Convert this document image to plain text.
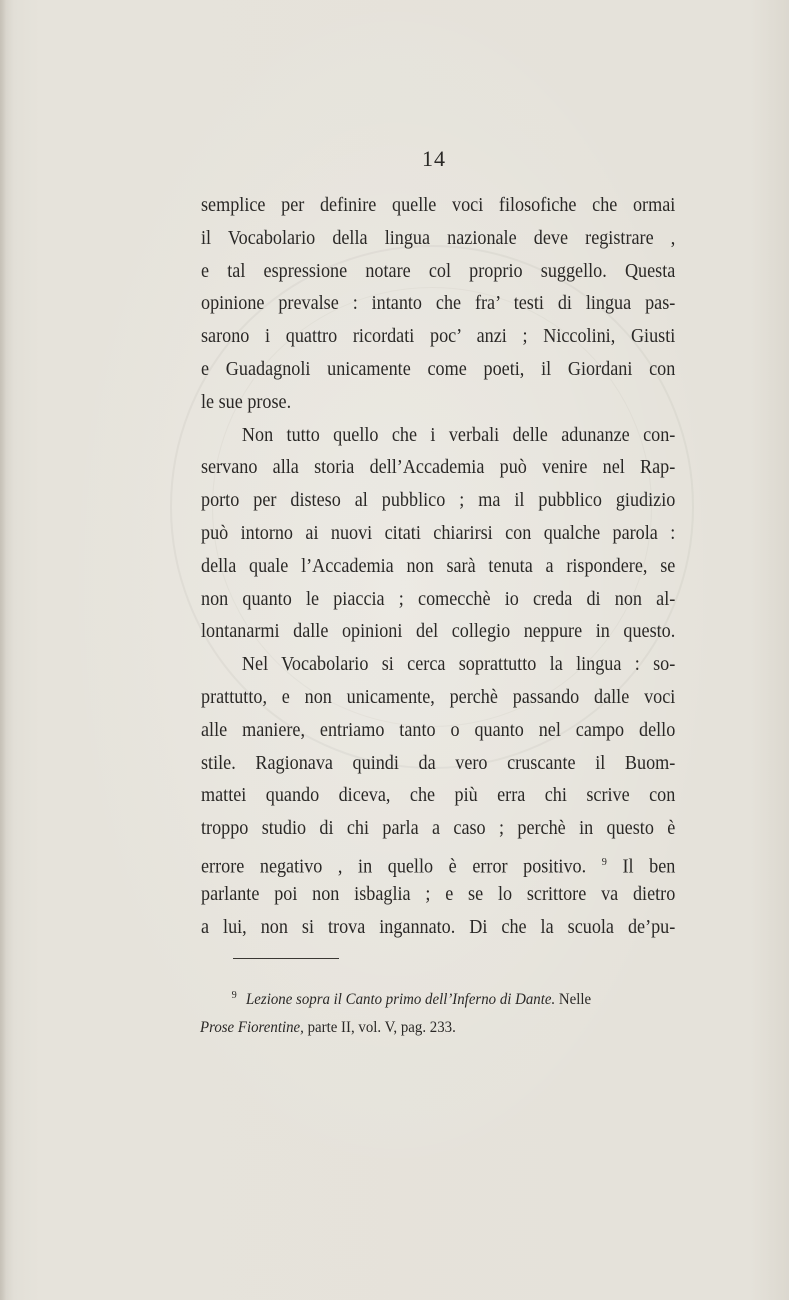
14
semplice per definire quelle voci filosofiche che ormai
il Vocabolario della lingua nazionale deve registrare ,
e tal espressione notare col proprio suggello. Questa
opinione prevalse : intanto che fra’ testi di lingua pas-
sarono i quattro ricordati poc’ anzi ; Niccolini, Giusti
e Guadagnoli unicamente come poeti, il Giordani con
le sue prose.
Non tutto quello che i verbali delle adunanze con-
servano alla storia dell’Accademia può venire nel Rap-
porto per disteso al pubblico ; ma il pubblico giudizio
può intorno ai nuovi citati chiarirsi con qualche parola :
della quale l’Accademia non sarà tenuta a rispondere, se
non quanto le piaccia ; comecchè io creda di non al-
lontanarmi dalle opinioni del collegio neppure in questo.
Nel Vocabolario si cerca soprattutto la lingua : so-
prattutto, e non unicamente, perchè passando dalle voci
alle maniere, entriamo tanto o quanto nel campo dello
stile. Ragionava quindi da vero cruscante il Buom-
mattei quando diceva, che più erra chi scrive con
troppo studio di chi parla a caso ; perchè in questo è
errore negativo , in quello è error positivo. $^9$ Il ben
parlante poi non isbaglia ; e se lo scrittore va dietro
a lui, non si trova ingannato. Di che la scuola de’pu-
$^9$ Lezione sopra il Canto primo dell’Inferno di Dante. Nelle
Prose Fiorentine, parte II, vol. V, pag. 233.
